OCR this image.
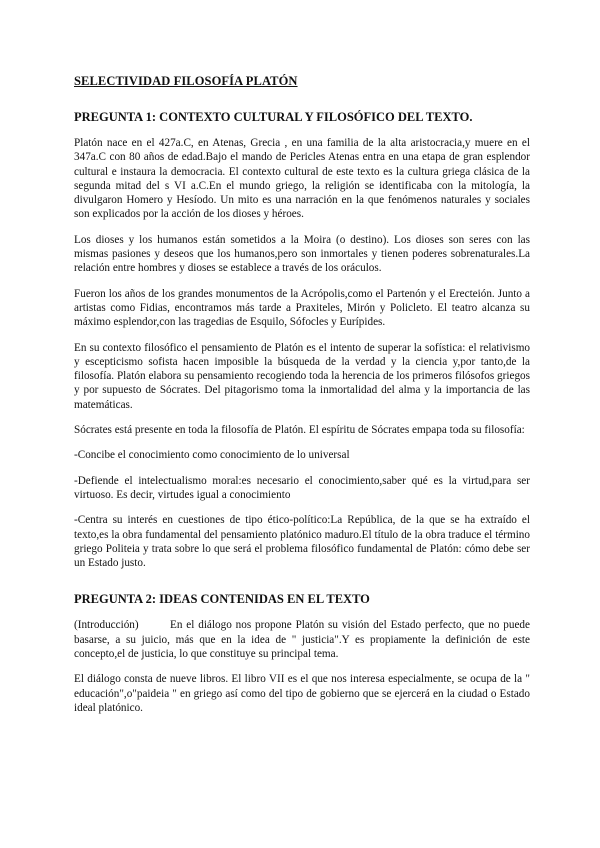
SELECTIVIDAD FILOSOFÍA PLATÓN
PREGUNTA 1: CONTEXTO CULTURAL Y FILOSÓFICO DEL TEXTO.

Platón nace en el 427a.C, en Atenas, Grecia , en una familia de la alta aristocracia,y muere en el 347a.C con 80 años de edad.Bajo el mando de Pericles Atenas entra en una etapa de gran esplendor cultural e instaura la democracia. El contexto cultural de este texto es la cultura griega clásica de la segunda mitad del s VI a.C.En el mundo griego, la religión se identificaba con la mitología, la divulgaron Homero y Hesíodo. Un mito es una narración en la que fenómenos naturales y sociales son explicados por la acción de los dioses y héroes.

Los dioses y los humanos están sometidos a la Moira (o destino). Los dioses son seres con las mismas pasiones y deseos que los humanos,pero son inmortales y tienen poderes sobrenaturales.La relación entre hombres y dioses se establece a través de los oráculos.

Fueron los años de los grandes monumentos de la Acrópolis,como el Partenón y el Erecteión. Junto a artistas como Fidias, encontramos más tarde a Praxiteles, Mirón y Policleto. El teatro alcanza su máximo esplendor,con las tragedias de Esquilo, Sófocles y Eurípides.

En su contexto filosófico el pensamiento de Platón es el intento de superar la sofística: el relativismo y escepticismo sofista hacen imposible la búsqueda de la verdad y la ciencia y,por tanto,de la filosofía. Platón elabora su pensamiento recogiendo toda la herencia de los primeros filósofos griegos y por supuesto de Sócrates. Del pitagorismo toma la inmortalidad del alma y la importancia de las matemáticas.

Sócrates está presente en toda la filosofía de Platón. El espíritu de Sócrates empapa toda su filosofía:

-Concibe el conocimiento como conocimiento de lo universal

-Defiende el intelectualismo moral:es necesario el conocimiento,saber qué es la virtud,para ser virtuoso. Es decir, virtudes igual a conocimiento

-Centra su interés en cuestiones de tipo ético-político:La República, de la que se ha extraído el texto,es la obra fundamental del pensamiento platónico maduro.El título de la obra traduce el término griego Politeia y trata sobre lo que será el problema filosófico fundamental de Platón: cómo debe ser un Estado justo.

PREGUNTA 2: IDEAS CONTENIDAS EN EL TEXTO

(Introducción)	En el diálogo nos propone Platón su visión del Estado perfecto, que no puede basarse, a su juicio, más que en la idea de " justicia".Y es propiamente la definición de este concepto,el de justicia, lo que constituye su principal tema.

El diálogo consta de nueve libros. El libro VII es el que nos interesa especialmente, se ocupa de la " educación",o"paideia " en griego así como del tipo de gobierno que se ejercerá en la ciudad o Estado ideal platónico.
